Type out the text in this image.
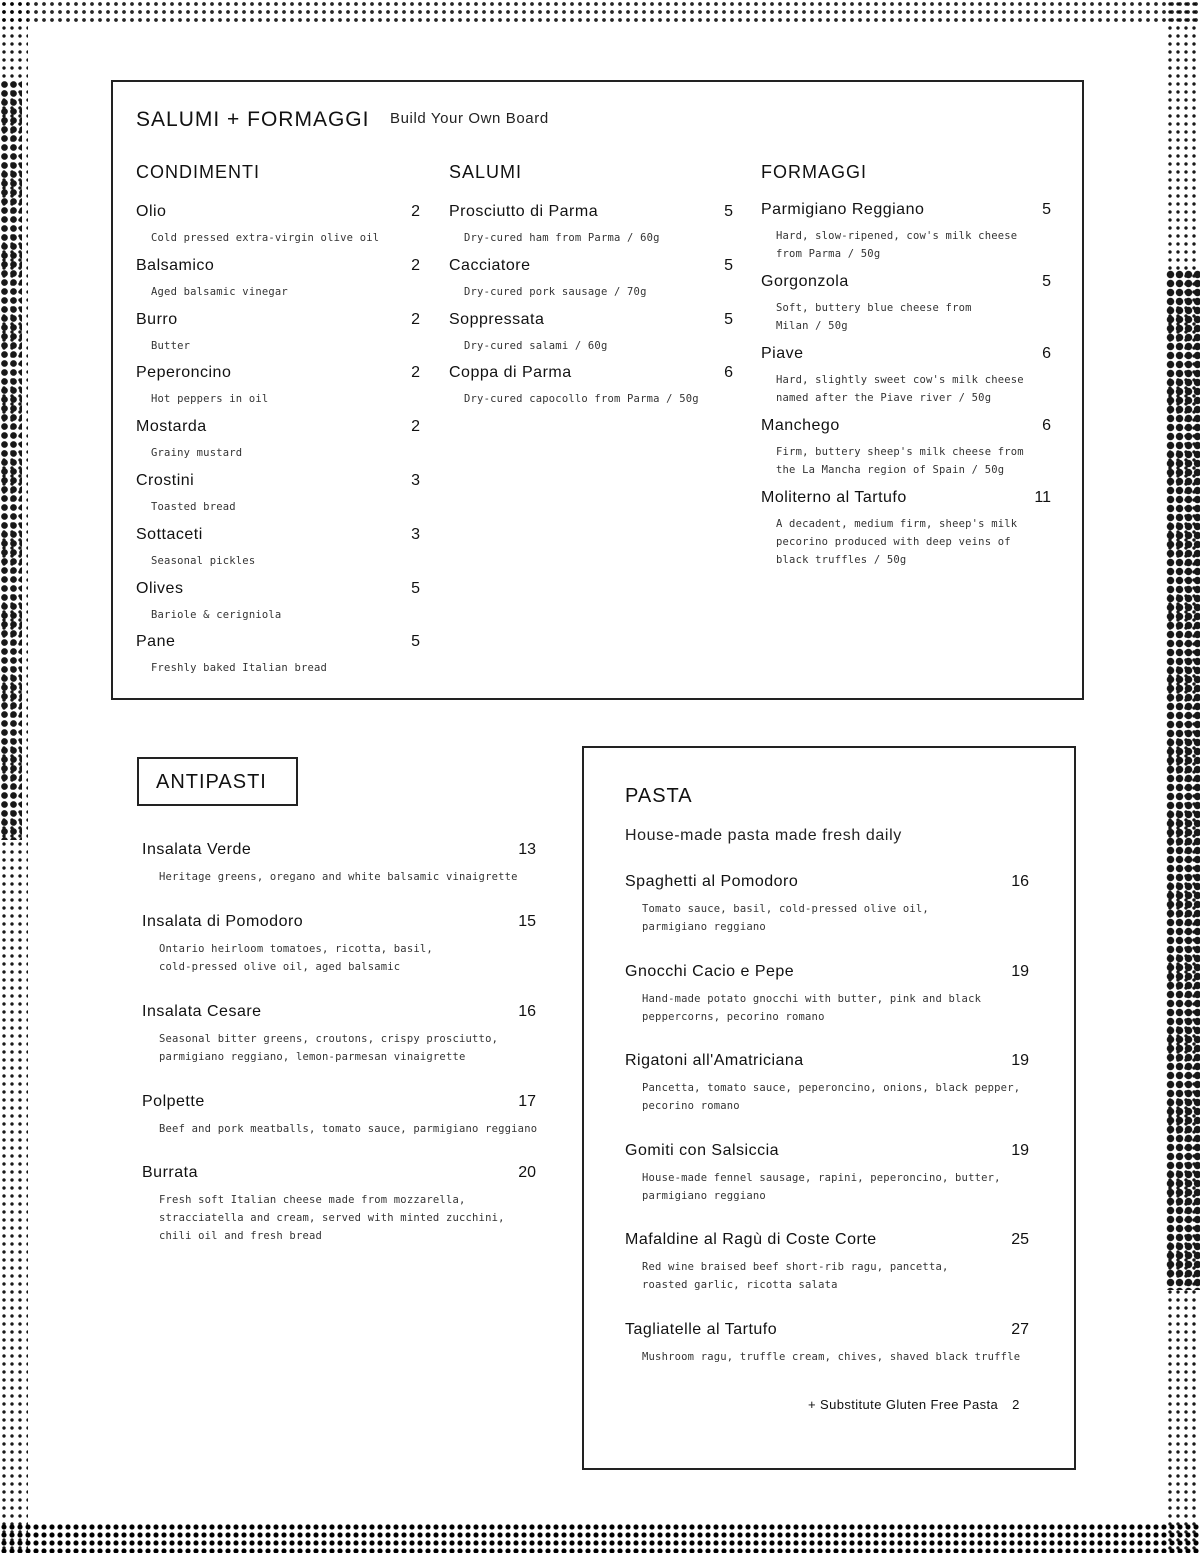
SALUMI + FORMAGGI Build Your Own Board
CONDIMENTI	SALUMI	FORMAGGI
Olio	2
Cold pressed extra-virgin olive oil
Balsamico	2
Aged balsamic vinegar
Burro	2
Butter
Peperoncino	2
Hot peppers in oil
Mostarda	2
Grainy mustard
Crostini	3
Toasted bread
Sottaceti	3
Seasonal pickles
Olives	5
Bariole & cerigniola
Pane	5
Freshly baked Italian bread
Prosciutto di Parma	5
Dry-cured ham from Parma / 60g
Cacciatore	5
Dry-cured pork sausage / 70g
Soppressata	5
Dry-cured salami / 60g
Coppa di Parma	6
Dry-cured capocollo from Parma / 50g
Parmigiano Reggiano	5
Hard, slow-ripened, cow's milk cheese
from Parma / 50g
Gorgonzola	5
Soft, buttery blue cheese from
Milan / 50g
Piave	6
Hard, slightly sweet cow's milk cheese
named after the Piave river / 50g
Manchego	6
Firm, buttery sheep's milk cheese from
the La Mancha region of Spain / 50g
Moliterno al Tartufo	11
A decadent, medium firm, sheep's milk
pecorino produced with deep veins of
black truffles / 50g
ANTIPASTI
Insalata Verde	13
Heritage greens, oregano and white balsamic vinaigrette
Insalata di Pomodoro	15
Ontario heirloom tomatoes, ricotta, basil,
cold-pressed olive oil, aged balsamic
Insalata Cesare	16
Seasonal bitter greens, croutons, crispy prosciutto,
parmigiano reggiano, lemon-parmesan vinaigrette
Polpette	17
Beef and pork meatballs, tomato sauce, parmigiano reggiano
Burrata	20
Fresh soft Italian cheese made from mozzarella,
stracciatella and cream, served with minted zucchini,
chili oil and fresh bread
PASTA
House-made pasta made fresh daily
Spaghetti al Pomodoro	16
Tomato sauce, basil, cold-pressed olive oil,
parmigiano reggiano
Gnocchi Cacio e Pepe	19
Hand-made potato gnocchi with butter, pink and black
peppercorns, pecorino romano
Rigatoni all'Amatriciana	19
Pancetta, tomato sauce, peperoncino, onions, black pepper,
pecorino romano
Gomiti con Salsiccia	19
House-made fennel sausage, rapini, peperoncino, butter,
parmigiano reggiano
Mafaldine al Ragù di Coste Corte	25
Red wine braised beef short-rib ragu, pancetta,
roasted garlic, ricotta salata
Tagliatelle al Tartufo	27
Mushroom ragu, truffle cream, chives, shaved black truffle
+ Substitute Gluten Free Pasta 2
